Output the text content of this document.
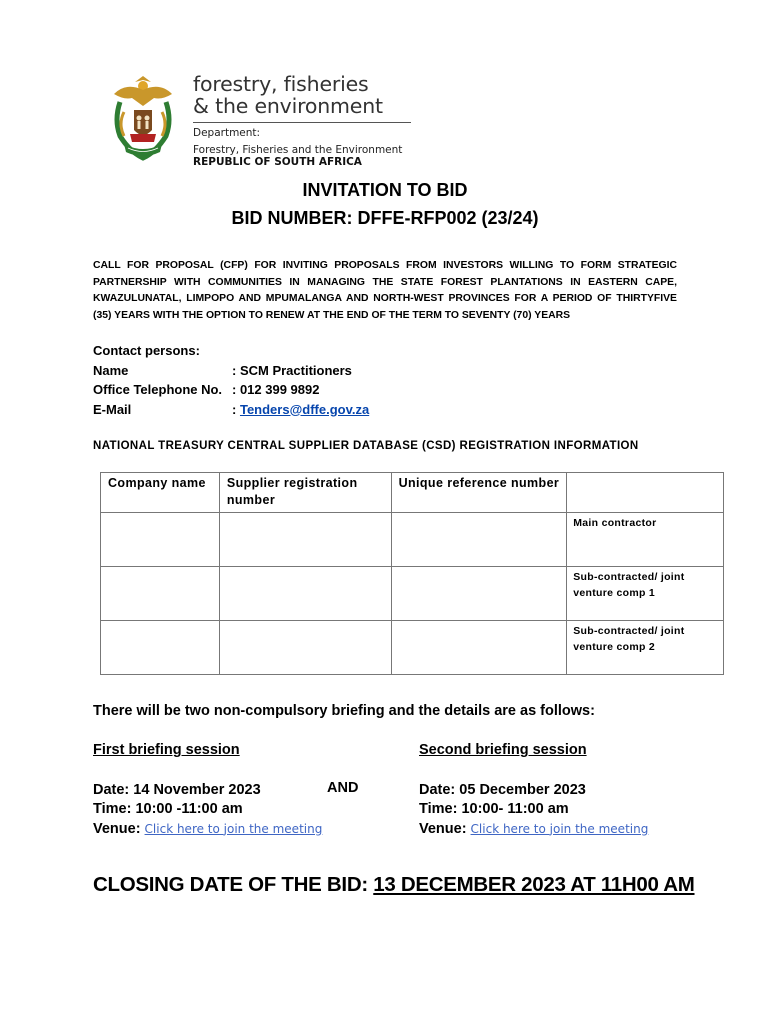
forestry, fisheries
& the environment
Department:
Forestry, Fisheries and the Environment
REPUBLIC OF SOUTH AFRICA
INVITATION TO BID
BID NUMBER: DFFE-RFP002 (23/24)
CALL FOR PROPOSAL (CFP) FOR INVITING PROPOSALS FROM INVESTORS WILLING TO FORM STRATEGIC PARTNERSHIP WITH COMMUNITIES IN MANAGING THE STATE FOREST PLANTATIONS IN EASTERN CAPE, KWAZULUNATAL, LIMPOPO AND MPUMALANGA AND NORTH-WEST PROVINCES FOR A PERIOD OF THIRTYFIVE (35) YEARS WITH THE OPTION TO RENEW AT THE END OF THE TERM TO SEVENTY (70) YEARS
Contact persons:
Name	: SCM Practitioners
Office Telephone No. : 012 399 9892
E-Mail	:
Tenders@dffe.gov.za
NATIONAL TREASURY CENTRAL SUPPLIER DATABASE (CSD) REGISTRATION INFORMATION
Company name	Supplier registration number	Unique reference number	

			Main contractor

			Sub-contracted/ joint venture comp 1

			Sub-contracted/ joint venture comp 2
There will be two non-compulsory briefing and the details are as follows:
First briefing session
Date: 14 November 2023
Time: 10:00 -11:00 am
Venue: Click here to join the meeting
AND
Second briefing session
Date: 05 December 2023
Time: 10:00- 11:00 am
Venue: Click here to join the meeting
CLOSING DATE OF THE BID: 13 DECEMBER 2023 AT 11H00 AM
